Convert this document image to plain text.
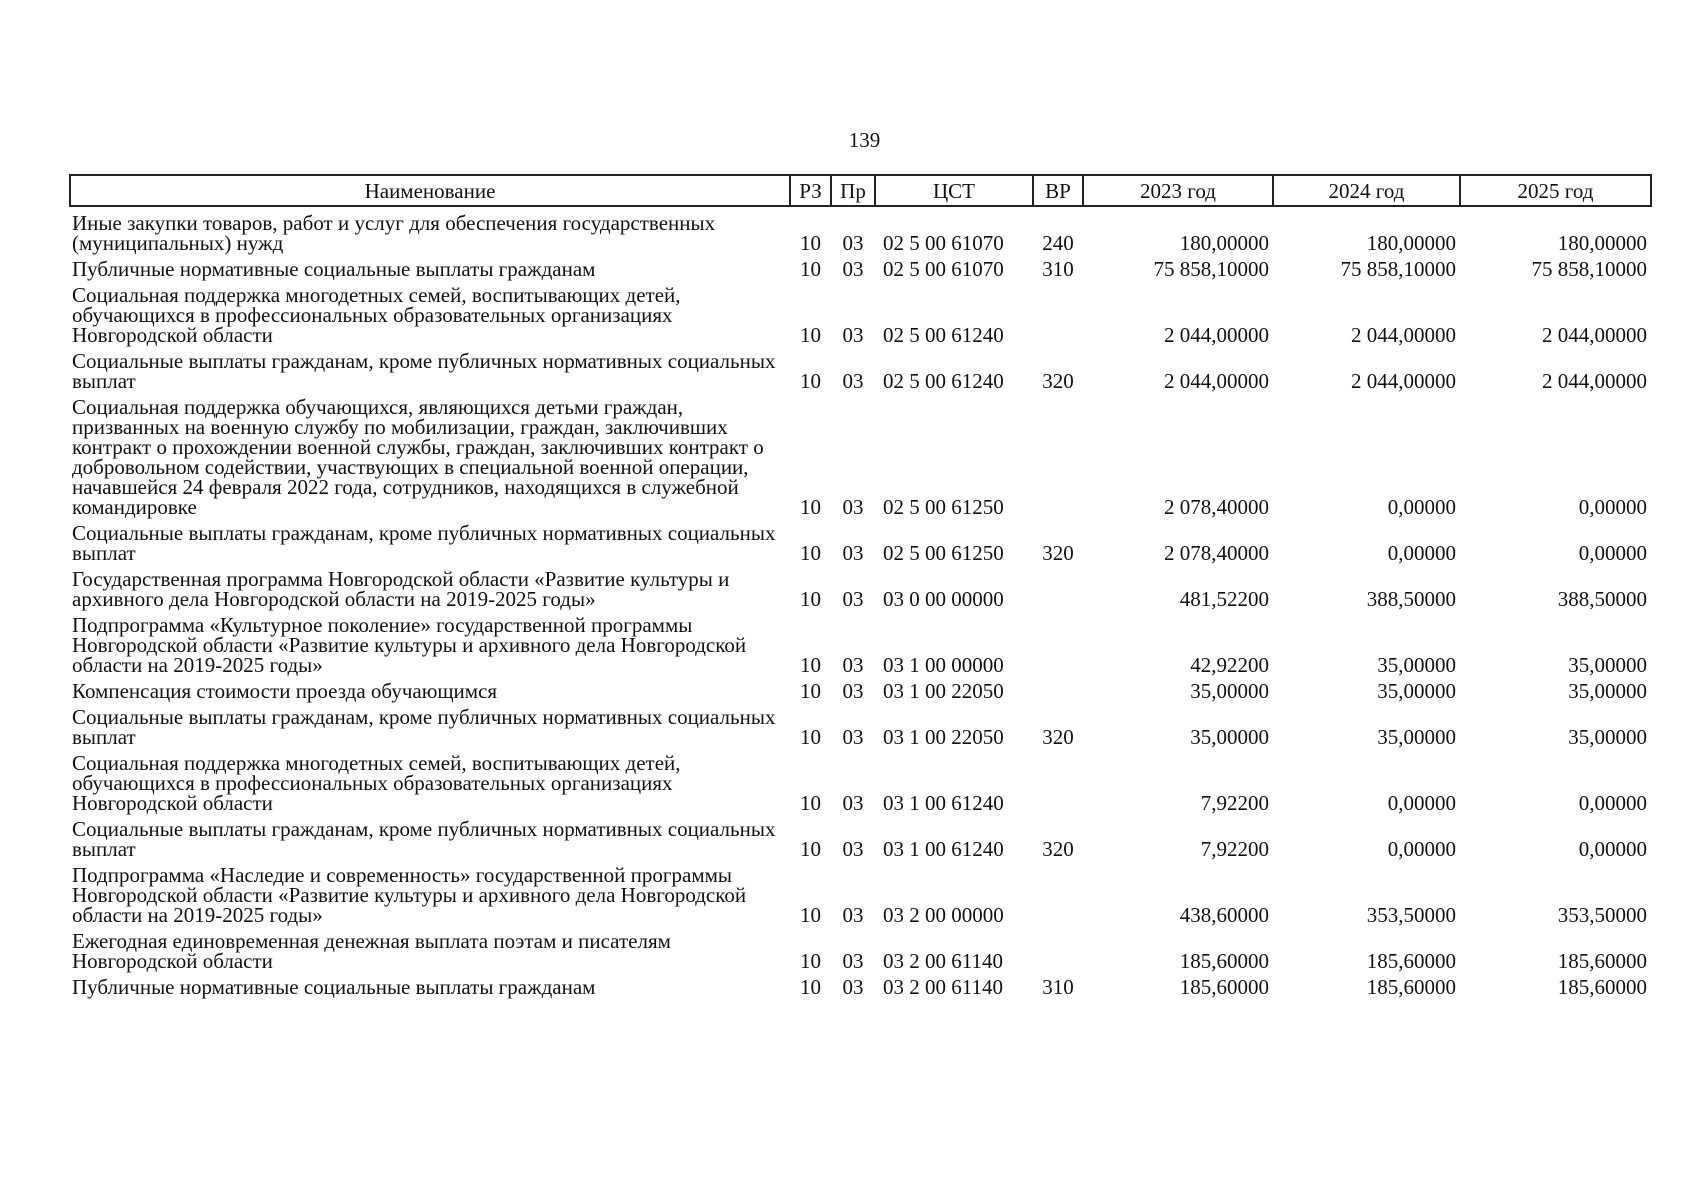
139
Наименование	РЗ	Пр	ЦСТ	ВР	2023 год	2024 год	2025 год
Иные закупки товаров, работ и услуг для обеспечения государственных (муниципальных) нужд	10	03	02 5 00 61070	240	180,00000	180,00000	180,00000
Публичные нормативные социальные выплаты гражданам	10	03	02 5 00 61070	310	75 858,10000	75 858,10000	75 858,10000
Социальная поддержка многодетных семей, воспитывающих детей, обучающихся в профессиональных образовательных организациях Новгородской области	10	03	02 5 00 61240		2 044,00000	2 044,00000	2 044,00000
Социальные выплаты гражданам, кроме публичных нормативных социальных выплат	10	03	02 5 00 61240	320	2 044,00000	2 044,00000	2 044,00000
Социальная поддержка обучающихся, являющихся детьми граждан, призванных на военную службу по мобилизации, граждан, заключивших контракт о прохождении военной службы, граждан, заключивших контракт о добровольном содействии, участвующих в специальной военной операции, начавшейся 24 февраля 2022 года, сотрудников, находящихся в служебной командировке	10	03	02 5 00 61250		2 078,40000	0,00000	0,00000
Социальные выплаты гражданам, кроме публичных нормативных социальных выплат	10	03	02 5 00 61250	320	2 078,40000	0,00000	0,00000
Государственная программа Новгородской области «Развитие культуры и архивного дела Новгородской области на 2019-2025 годы»	10	03	03 0 00 00000		481,52200	388,50000	388,50000
Подпрограмма «Культурное поколение» государственной программы Новгородской области «Развитие культуры и архивного дела Новгородской области на 2019-2025 годы»	10	03	03 1 00 00000		42,92200	35,00000	35,00000
Компенсация стоимости проезда обучающимся	10	03	03 1 00 22050		35,00000	35,00000	35,00000
Социальные выплаты гражданам, кроме публичных нормативных социальных выплат	10	03	03 1 00 22050	320	35,00000	35,00000	35,00000
Социальная поддержка многодетных семей, воспитывающих детей, обучающихся в профессиональных образовательных организациях Новгородской области	10	03	03 1 00 61240		7,92200	0,00000	0,00000
Социальные выплаты гражданам, кроме публичных нормативных социальных выплат	10	03	03 1 00 61240	320	7,92200	0,00000	0,00000
Подпрограмма «Наследие и современность» государственной программы Новгородской области «Развитие культуры и архивного дела Новгородской области на 2019-2025 годы»	10	03	03 2 00 00000		438,60000	353,50000	353,50000
Ежегодная единовременная денежная выплата поэтам и писателям Новгородской области	10	03	03 2 00 61140		185,60000	185,60000	185,60000
Публичные нормативные социальные выплаты гражданам	10	03	03 2 00 61140	310	185,60000	185,60000	185,60000
